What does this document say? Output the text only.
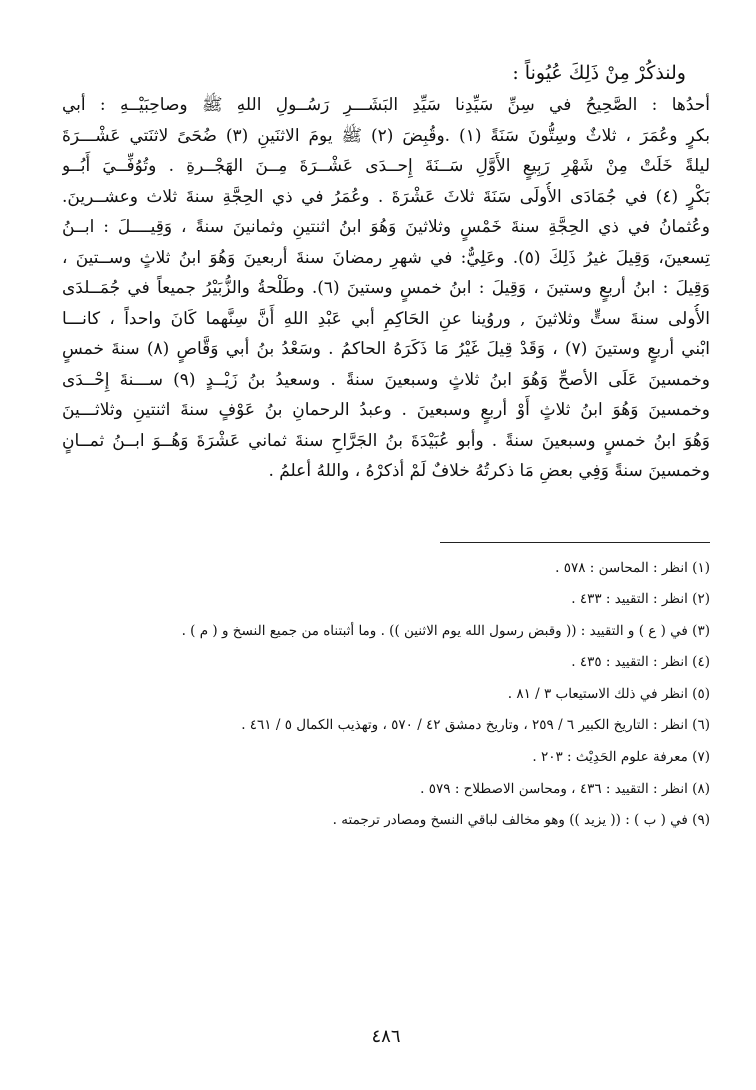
ولنذكُرْ مِنْ ذَلِكَ عُيُوناً :

أحدُها : الصَّحِيحُ في سِنِّ سَيِّدِنا سَيِّدِ البَشَـــرِ رَسُــولِ اللهِ ﷺ وصاحِبَيْــهِ : أبي
بكرٍ وعُمَرَ ، ثلاثٌ وسِتُّونَ سَنَةً (١) .وقُبِضَ (٢) ﷺ يومَ الاثنَينِ (٣) ضُحَىً لاثنَتي عَشْـــرَةَ
ليلةً خَلَتْ مِنْ شَهْرِ رَبِيعٍ الأَوَّلِ سَــنَةَ إِحــدَى عَشْــرَةَ مِــنَ الهَجْــرةِ . وتُوُفِّــيَ أَبُــو
بَكْرٍ (٤) في جُمَادَى الأُولَى سَنَةَ ثلاثَ عَشْرَةَ . وعُمَرُ في ذي الحِجَّةِ سنةَ ثلاث وعشــرينَ.
وعُثمانُ في ذي الحِجَّةِ سنةَ خَمْسٍ وثلاثينَ وَهُوَ ابنُ اثنتينِ وثمانينَ سنةً ، وَقِيــــلَ : ابــنُ
تِسعينَ، وَقِيلَ غيرُ ذَلِكَ (٥). وعَلِيٌّ: في شهرِ رمضانَ سنةَ أربعينَ وَهُوَ ابنُ ثلاثٍ وســتينَ ،
وَقِيلَ : ابنُ أربعٍ وستينَ ، وَقِيلَ : ابنُ خمسٍ وستينَ (٦). وطَلْحةُ والزُّبَيْرُ جميعاً في جُمَــلدَى
الأُولى سنةَ ستٍّ وثلاثينَ , وروُينا عنِ الحَاكِمِ أبي عَبْدِ اللهِ أَنَّ سِنَّهما كَانَ واحداً ، كانـــا
ابْني أربعٍ وستينَ (٧) ، وَقَدْ قِيلَ غَيْرُ مَا ذَكَرَهُ الحاكمُ . وسَعْدُ بنُ أبي وَقَّاصٍ (٨) سنةَ خمسٍ
وخمسينَ عَلَى الأصحِّ وَهُوَ ابنُ ثلاثٍ وسبعينَ سنةً . وسعيدُ بنُ زَيْــدٍ (٩) ســـنةَ إِحْــدَى
وخمسينَ وَهُوَ ابنُ ثلاثٍ أَوْ أربعٍ وسبعينَ . وعبدُ الرحمانِ بنُ عَوْفٍ سنةَ اثنتينِ وثلاثـــينَ
وَهُوَ ابنُ خمسٍ وسبعينَ سنةً . وأبو عُبَيْدَةَ بنُ الجَرَّاحِ سنةَ ثماني عَشْرَةَ وَهُــوَ ابــنُ ثمــانٍ
وخمسينَ سنةً وَفِي بعضِ مَا ذكرتُهُ خلافٌ لَمْ أذكرْهُ ، واللهُ أعلمُ .
(١) انظر : المحاسن : ٥٧٨ .
(٢) انظر : التقييد : ٤٣٣ .
(٣) في ( ع ) و التقييد : (( وقبض رسول الله يوم الاثنين )) . وما أثبتناه من جميع النسخ و ( م ) .
(٤) انظر : التقييد : ٤٣٥ .
(٥) انظر في ذلك الاستيعاب ٣ / ٨١ .
(٦) انظر : التاريخ الكبير ٦ / ٢٥٩ ، وتاريخ دمشق ٤٢ / ٥٧٠ ، وتهذيب الكمال ٥ / ٤٦١ .
(٧) معرفة علوم الحَدِيْث : ٢٠٣ .
(٨) انظر : التقييد : ٤٣٦ ، ومحاسن الاصطلاح : ٥٧٩ .
(٩) في ( ب ) : (( يزيد )) وهو مخالف لباقي النسخ ومصادر ترجمته .
٤٨٦
